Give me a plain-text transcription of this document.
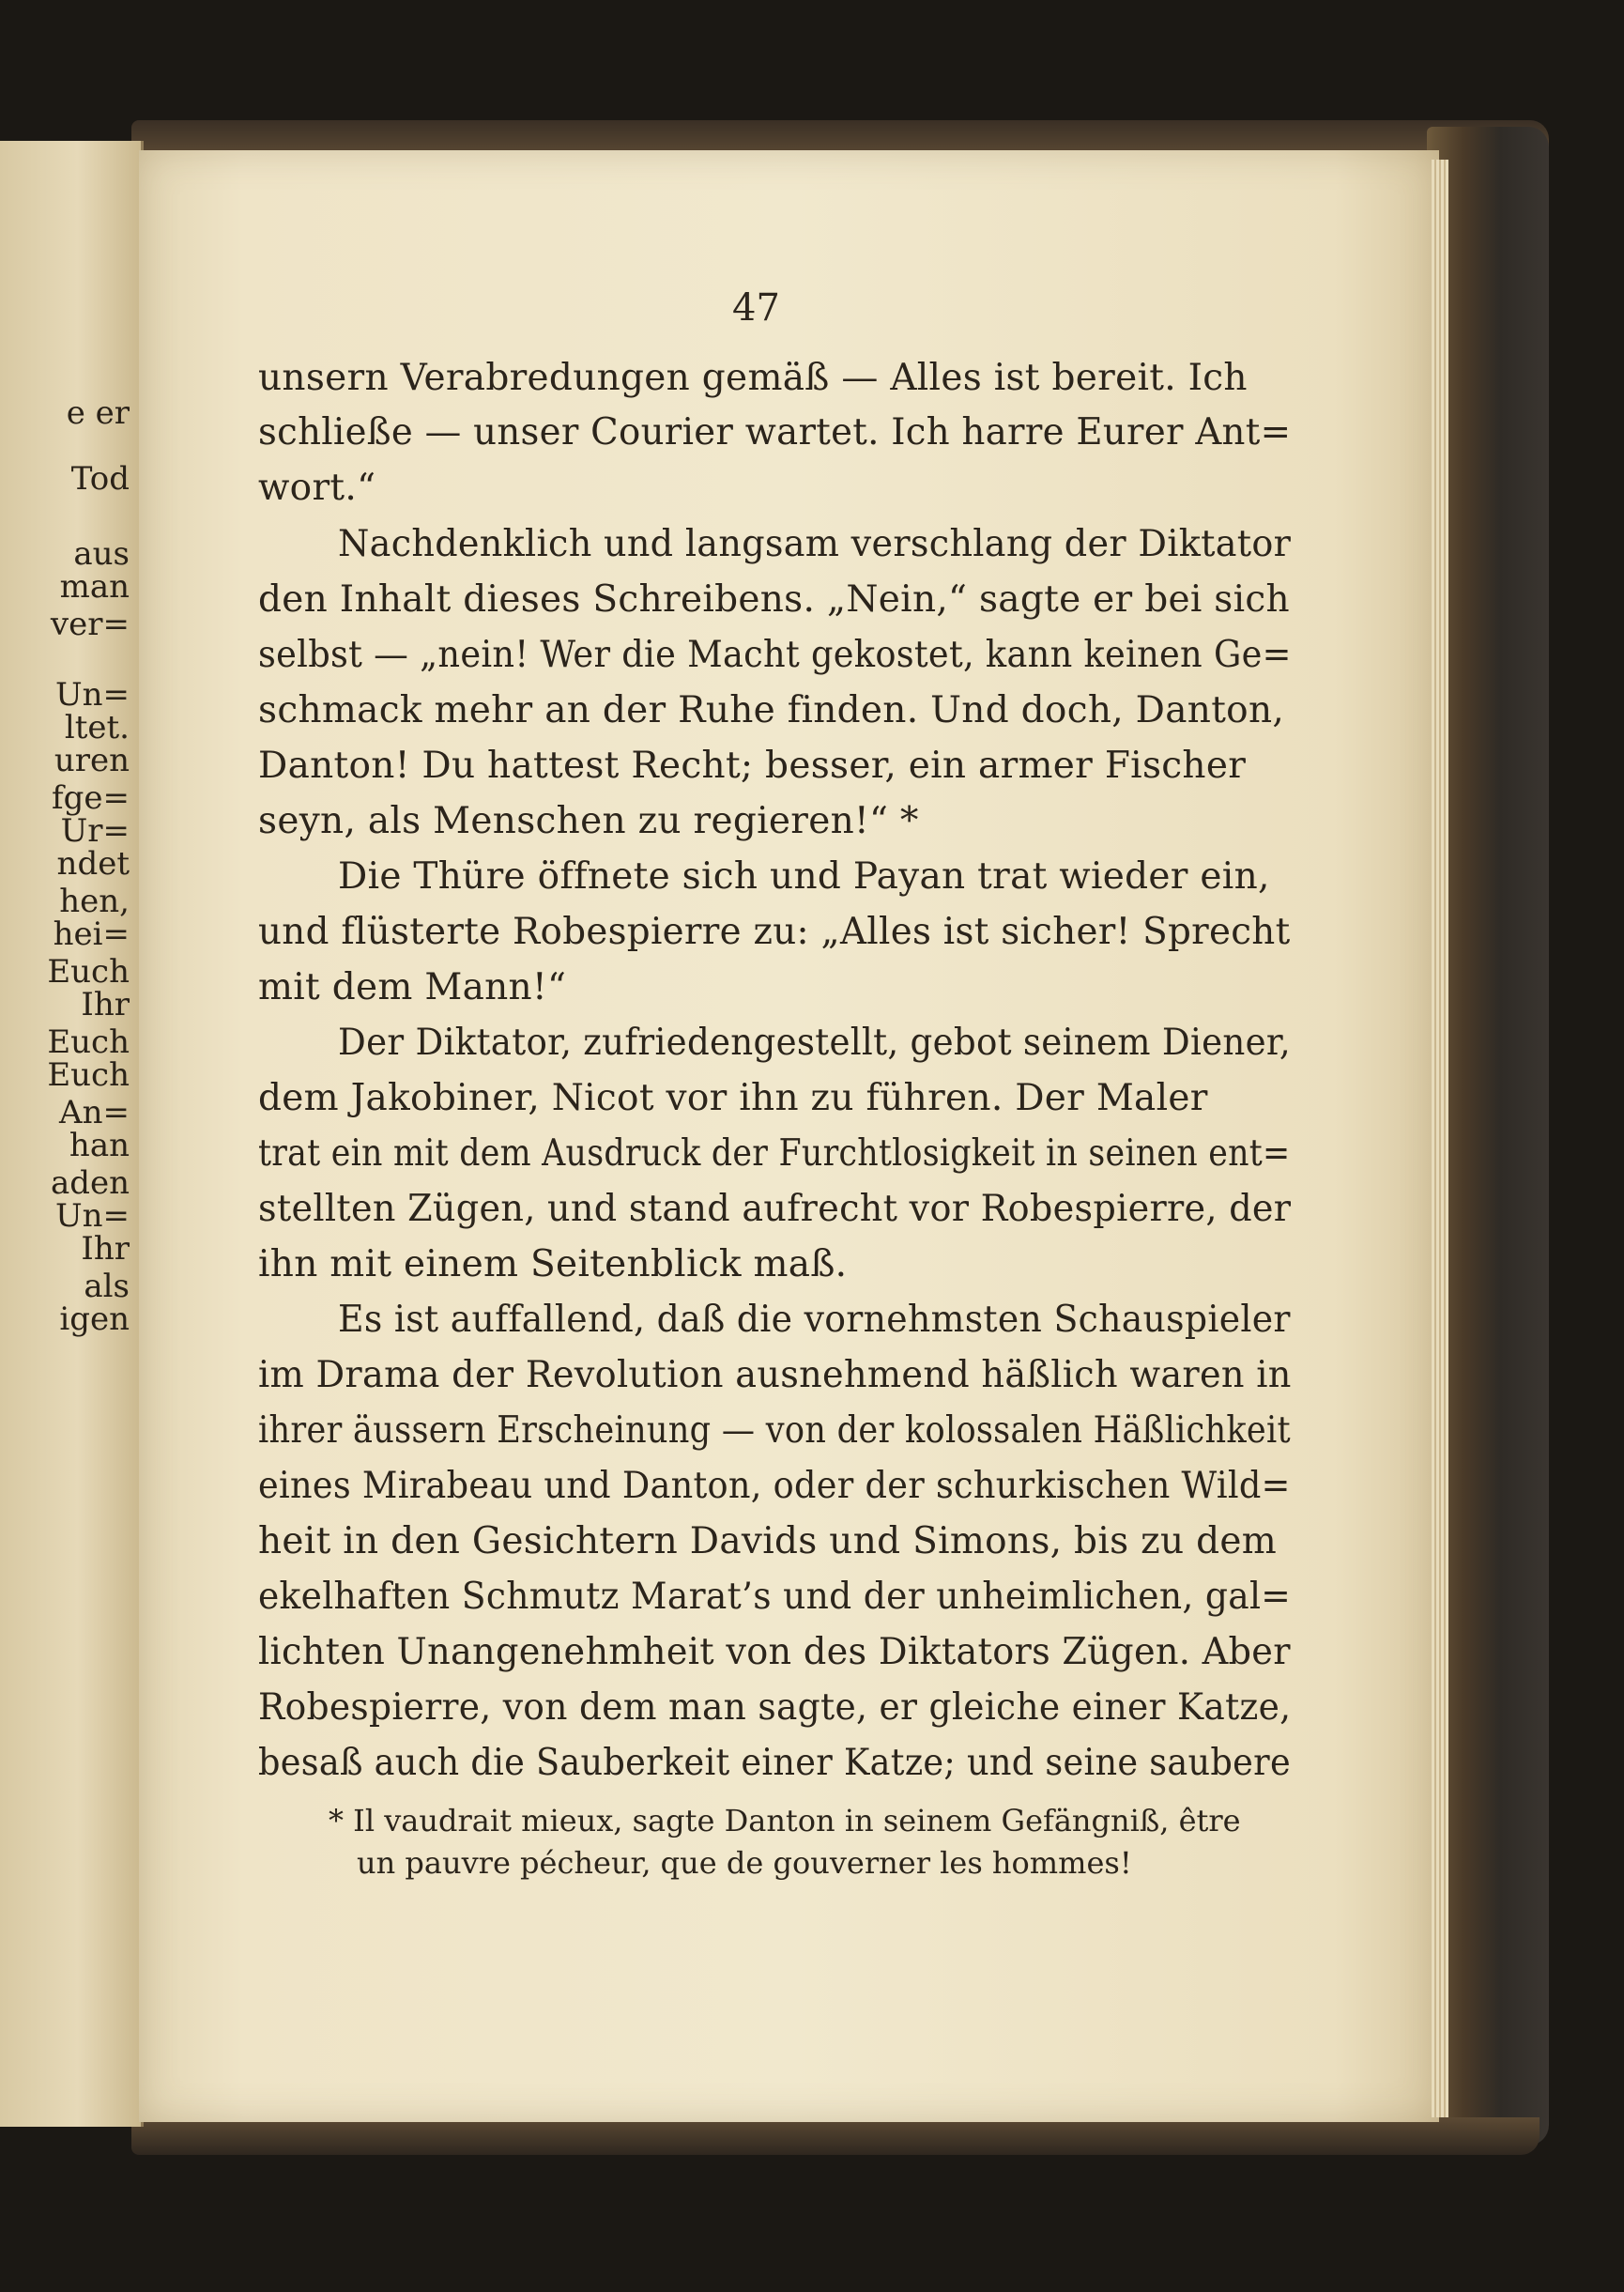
e er
Tod
aus
man
ver=
Un=
ltet.
uren
fge=
Ur=
ndet
hen,
hei=
Euch
Ihr
Euch
Euch
An=
han
aden
Un=
Ihr
als
igen
47
unsern Verabredungen gemäß — Alles ist bereit. Ich
schließe — unser Courier wartet. Ich harre Eurer Ant=
wort.“
Nachdenklich und langsam verschlang der Diktator
den Inhalt dieses Schreibens. „Nein,“ sagte er bei sich
selbst — „nein! Wer die Macht gekostet, kann keinen Ge=
schmack mehr an der Ruhe finden. Und doch, Danton,
Danton! Du hattest Recht; besser, ein armer Fischer
seyn, als Menschen zu regieren!“ *
Die Thüre öffnete sich und Payan trat wieder ein,
und flüsterte Robespierre zu: „Alles ist sicher! Sprecht
mit dem Mann!“
Der Diktator, zufriedengestellt, gebot seinem Diener,
dem Jakobiner, Nicot vor ihn zu führen. Der Maler
trat ein mit dem Ausdruck der Furchtlosigkeit in seinen ent=
stellten Zügen, und stand aufrecht vor Robespierre, der
ihn mit einem Seitenblick maß.
Es ist auffallend, daß die vornehmsten Schauspieler
im Drama der Revolution ausnehmend häßlich waren in
ihrer äussern Erscheinung — von der kolossalen Häßlichkeit
eines Mirabeau und Danton, oder der schurkischen Wild=
heit in den Gesichtern Davids und Simons, bis zu dem
ekelhaften Schmutz Marat’s und der unheimlichen, gal=
lichten Unangenehmheit von des Diktators Zügen. Aber
Robespierre, von dem man sagte, er gleiche einer Katze,
besaß auch die Sauberkeit einer Katze; und seine saubere
* Il vaudrait mieux, sagte Danton in seinem Gefängniß, être
un pauvre pécheur, que de gouverner les hommes!
